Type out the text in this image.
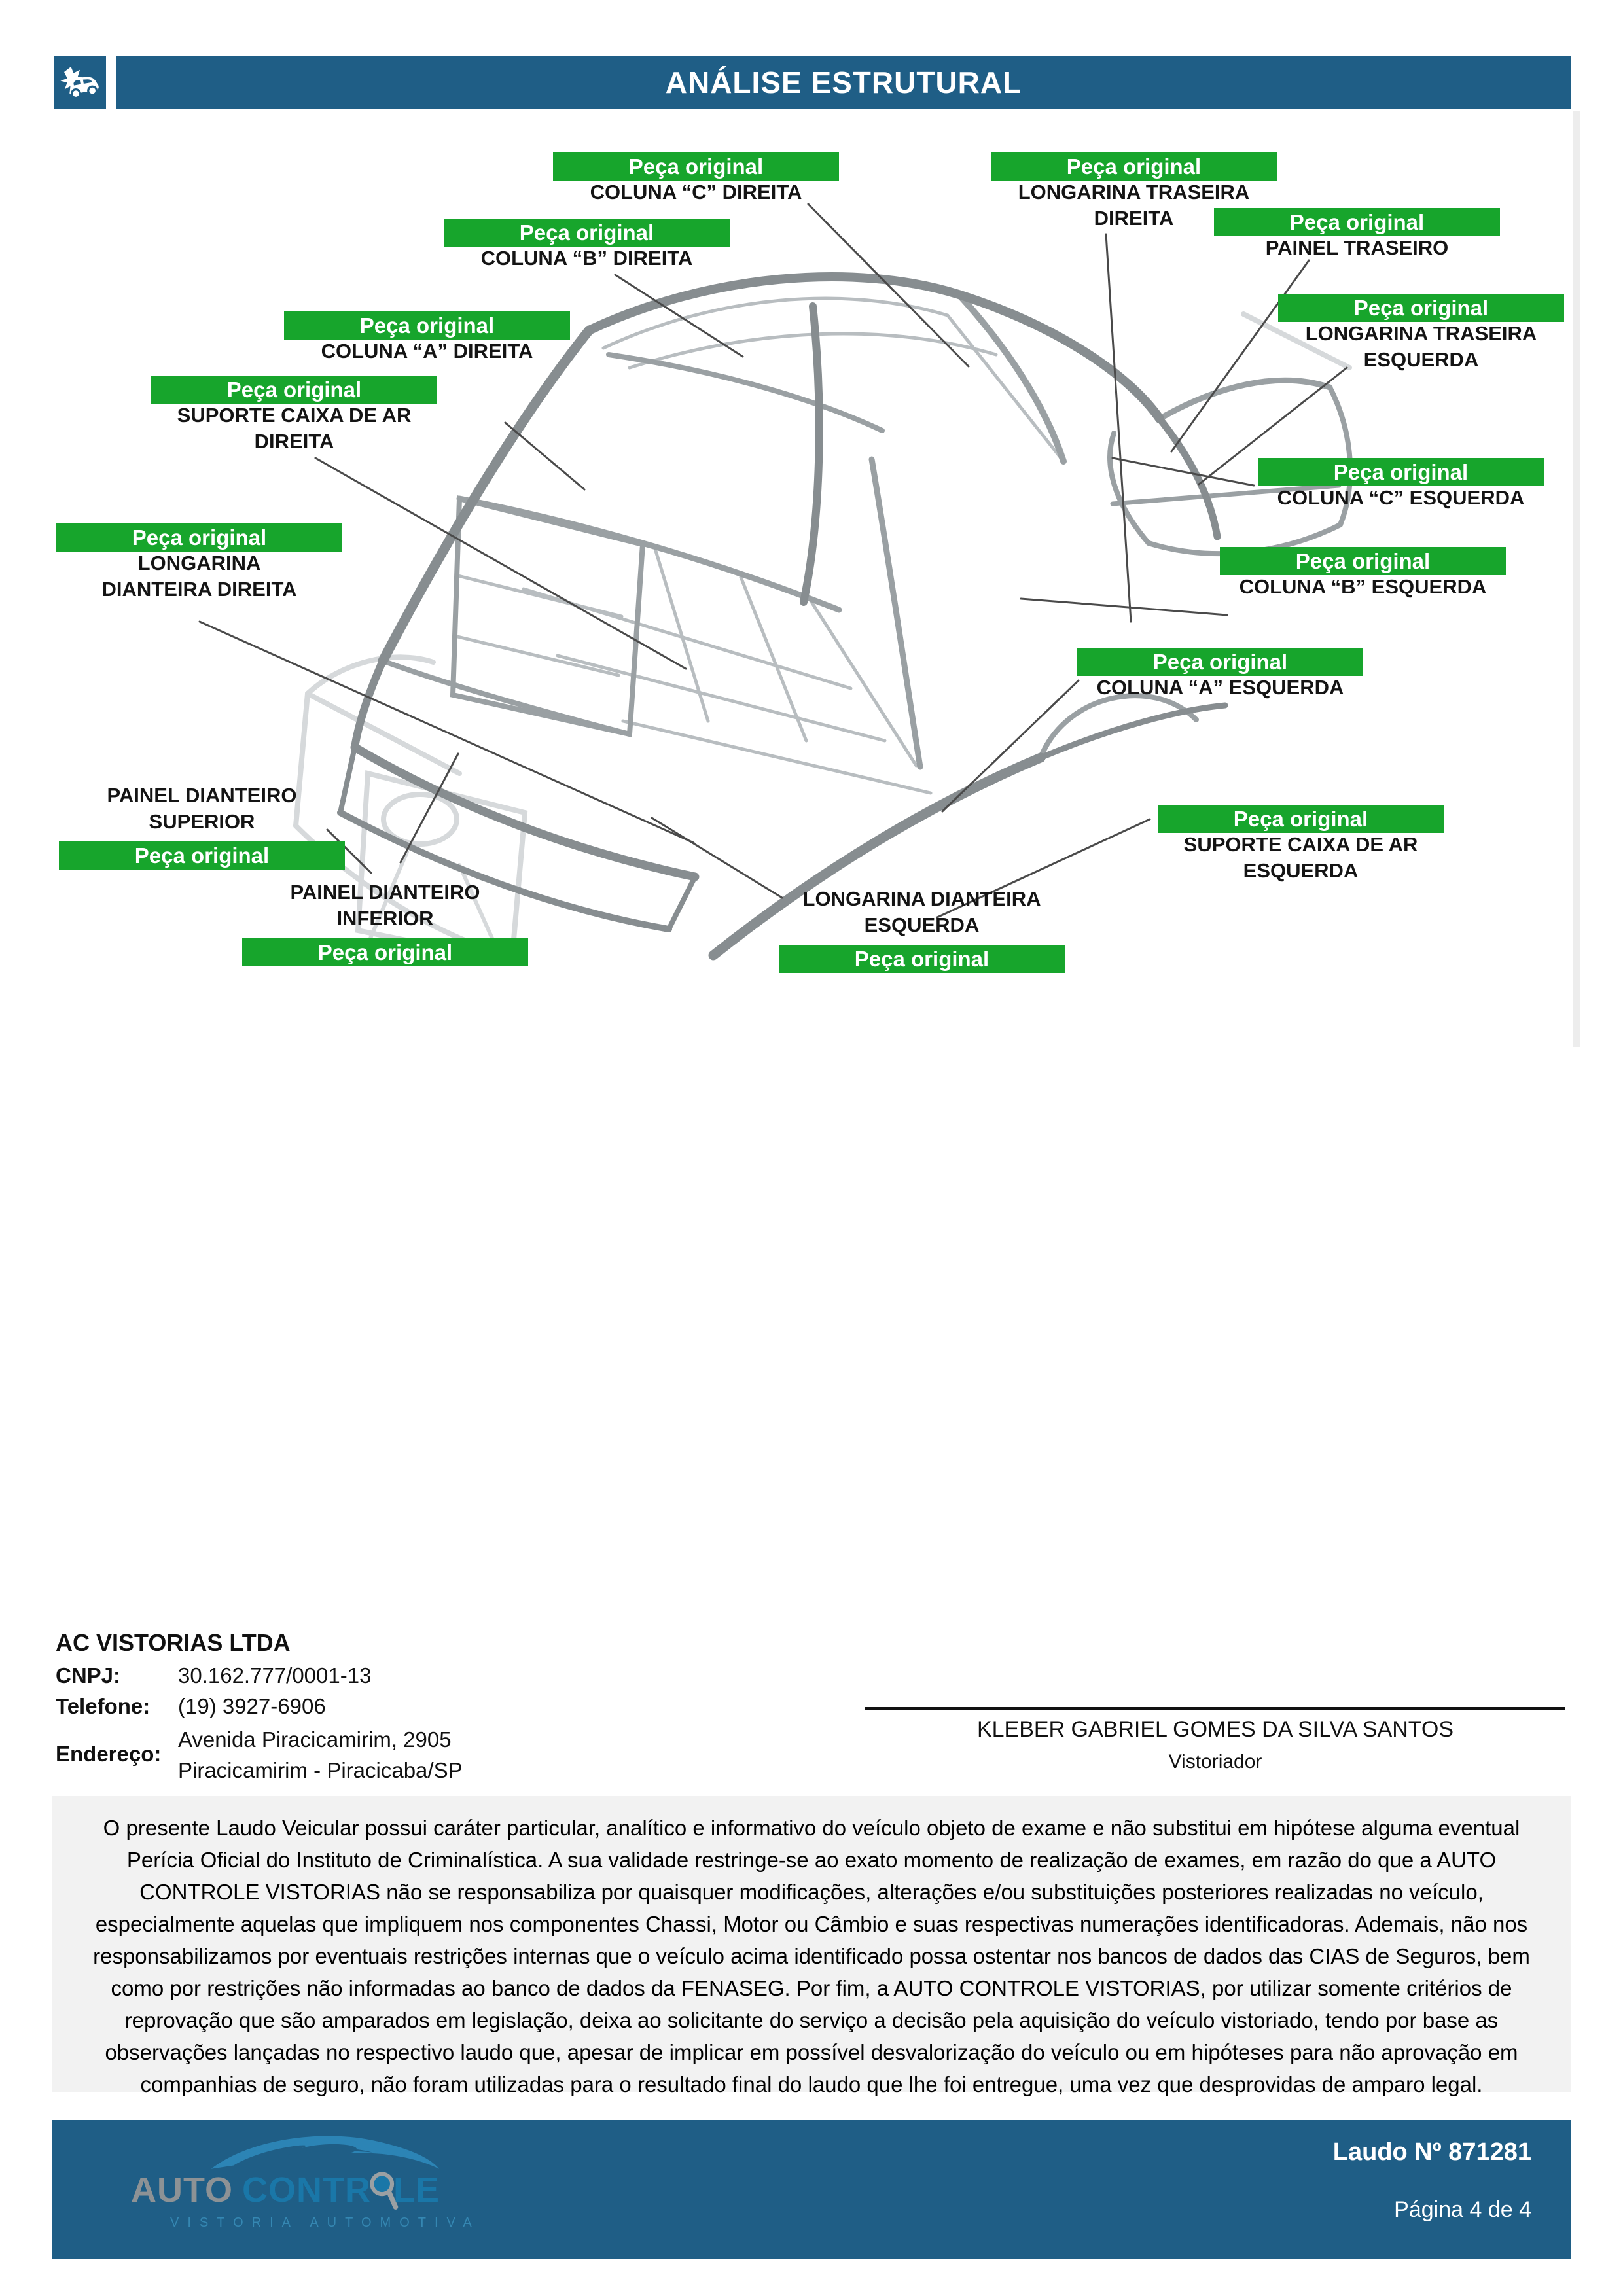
ANÁLISE ESTRUTURAL
Peça original
COLUNA “C” DIREITA
Peça original
LONGARINA TRASEIRA
DIREITA	Peça original
PAINEL TRASEIRO
Peça original
COLUNA “B” DIREITA
Peça original
COLUNA “A” DIREITA
Peça original
LONGARINA TRASEIRA
ESQUERDA
Peça original
SUPORTE CAIXA DE AR
DIREITA
Peça original
COLUNA “C” ESQUERDA
Peça original
LONGARINA
DIANTEIRA DIREITA
Peça original
COLUNA “B” ESQUERDA
Peça original
COLUNA “A” ESQUERDA
PAINEL DIANTEIRO
SUPERIOR
Peça original
Peça original
SUPORTE CAIXA DE AR
ESQUERDA
PAINEL DIANTEIRO
INFERIOR
Peça original
LONGARINA DIANTEIRA
ESQUERDA
Peça original
AC VISTORIAS LTDA
CNPJ:	30.162.777/0001-13
Telefone: (19) 3927-6906
Endereço:
Avenida Piracicamirim, 2905
Piracicamirim - Piracicaba/SP
KLEBER GABRIEL GOMES DA SILVA SANTOS
Vistoriador

O presente Laudo Veicular possui caráter particular, analítico e informativo do veículo objeto de exame e não substitui em hipótese alguma eventual Perícia Oficial do Instituto de Criminalística. A sua validade restringe-se ao exato momento de realização de exames, em razão do que a AUTO CONTROLE VISTORIAS não se responsabiliza por quaisquer modificações, alterações e/ou substituições posteriores realizadas no veículo, especialmente aquelas que impliquem nos componentes Chassi, Motor ou Câmbio e suas respectivas numerações identificadoras. Ademais, não nos responsabilizamos por eventuais restrições internas que o veículo acima identificado possa ostentar nos bancos de dados das CIAS de Seguros, bem como por restrições não informadas ao banco de dados da FENASEG. Por fim, a AUTO CONTROLE VISTORIAS, por utilizar somente critérios de reprovação que são amparados em legislação, deixa ao solicitante do serviço a decisão pela aquisição do veículo vistoriado, tendo por base as observações lançadas no respectivo laudo que, apesar de implicar em possível desvalorização do veículo ou em hipóteses para não aprovação em companhias de seguro, não foram utilizadas para o resultado final do laudo que lhe foi entregue, uma vez que desprovidas de amparo legal.

AUTO CONTR LE
VISTORIA AUTOMOTIVA
Laudo Nº 871281
Página 4 de 4
